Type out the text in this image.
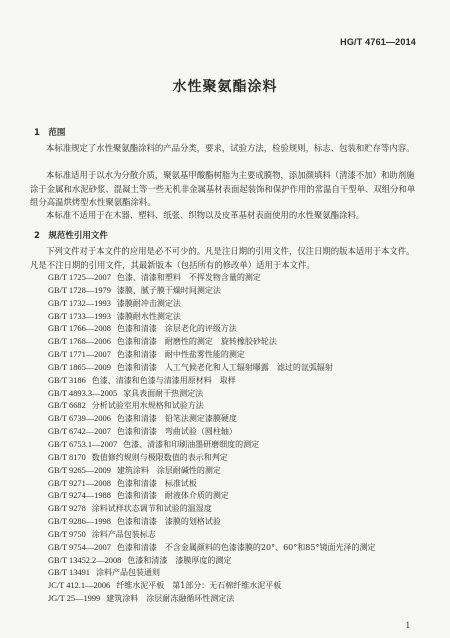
HG/T 4761—2014
水性聚氨酯涂料
1　范围

本标准规定了水性聚氨酯涂料的产品分类，要求，试验方法，检验规则，标志、包装和贮存等内容。

本标准适用于以水为分散介质，聚氨基甲酸酯树脂为主要成膜物，添加颜填料（清漆不加）和助剂施涂于金属和水泥砂浆、混凝土等一些无机非金属基材表面起装饰和保护作用的常温自干型单、双组分和单组分高温烘烤型水性聚氨酯涂料。

本标准不适用于在木器、塑料、纸张、织物以及皮革基材表面使用的水性聚氨酯涂料。

2　规范性引用文件

下列文件对于本文件的应用是必不可少的。凡是注日期的引用文件，仅注日期的版本适用于本文件。凡是不注日期的引用文件，其最新版本（包括所有的修改单）适用于本文件。

GB/T 1725—2007 色漆、清漆和塑料　不挥发物含量的测定
GB/T 1728—1979 漆膜、腻子膜干燥时间测定法
GB/T 1732—1993 漆膜耐冲击测定法
GB/T 1733—1993 漆膜耐水性测定法
GB/T 1766—2008 色漆和清漆　涂层老化的评级方法
GB/T 1768—2006 色漆和清漆　耐磨性的测定　旋转橡胶砂轮法
GB/T 1771—2007 色漆和清漆　耐中性盐雾性能的测定
GB/T 1865—2009 色漆和清漆　人工气候老化和人工辐射曝露　滤过的氙弧辐射
GB/T 3186 色漆、清漆和色漆与清漆用原材料　取样
GB/T 4893.3—2005 家具表面耐干热测定法
GB/T 6682 分析试验室用水规格和试验方法
GB/T 6739—2006 色漆和清漆　铅笔法测定漆膜硬度
GB/T 6742—2007 色漆和清漆　弯曲试验（圆柱轴）
GB/T 6753.1—2007 色漆、清漆和印刷油墨研磨细度的测定
GB/T 8170 数值修约规则与极限数值的表示和判定
GB/T 9265—2009 建筑涂料　涂层耐碱性的测定
GB/T 9271—2008 色漆和清漆　标准试板
GB/T 9274—1988 色漆和清漆　耐液体介质的测定
GB/T 9278 涂料试样状态调节和试验的温湿度
GB/T 9286—1998 色漆和清漆　漆膜的划格试验
GB/T 9750 涂料产品包装标志
GB/T 9754—2007 色漆和清漆　不含金属颜料的色漆漆膜的20°、60°和85°镜面光泽的测定
GB/T 13452.2—2008 色漆和清漆　漆膜厚度的测定
GB/T 13491 涂料产品包装通则
JC/T 412.1—2006 纤维水泥平板　第1部分：无石棉纤维水泥平板
JG/T 25—1999 建筑涂料　涂层耐冻融循环性测定法
1
